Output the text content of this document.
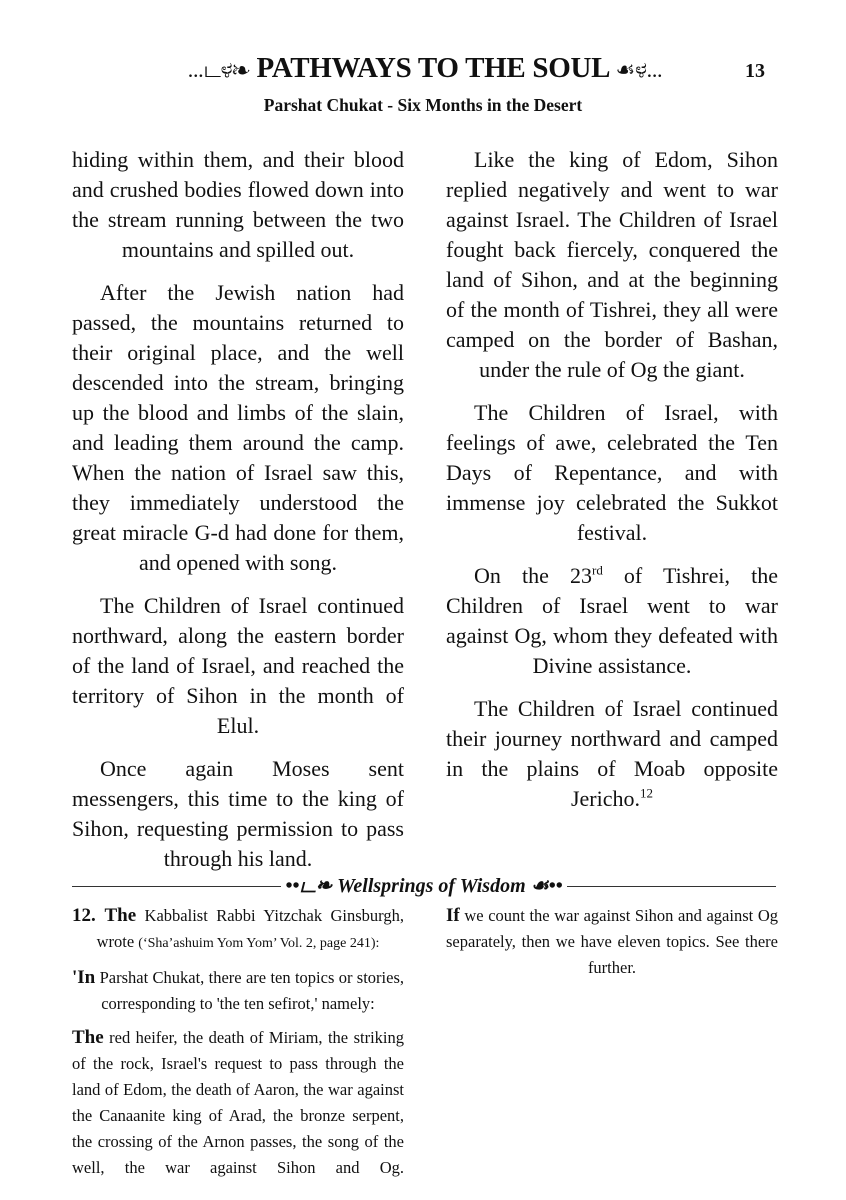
...டಳ❧ PATHWAYS TO THE SOUL ☙ಳ...	13
Parshat Chukat - Six Months in the Desert

hiding within them, and their blood and crushed bodies flowed down into the stream running between the two mountains and spilled out.

After the Jewish nation had passed, the mountains returned to their original place, and the well descended into the stream, bringing up the blood and limbs of the slain, and leading them around the camp. When the nation of Israel saw this, they immediately understood the great miracle G-d had done for them, and opened with song.

The Children of Israel continued northward, along the eastern border of the land of Israel, and reached the territory of Sihon in the month of Elul.

Once again Moses sent messengers, this time to the king of Sihon, requesting permission to pass through his land.

Like the king of Edom, Sihon replied negatively and went to war against Israel. The Children of Israel fought back fiercely, conquered the land of Sihon, and at the beginning of the month of Tishrei, they all were camped on the border of Bashan, under the rule of Og the giant.

The Children of Israel, with feelings of awe, celebrated the Ten Days of Repentance, and with immense joy celebrated the Sukkot festival.

On the 23rd of Tishrei, the Children of Israel went to war against Og, whom they defeated with Divine assistance.

The Children of Israel continued their journey northward and camped in the plains of Moab opposite Jericho.$^{12}$

••ட❧ Wellsprings of Wisdom ☙••

12. The Kabbalist Rabbi Yitzchak Ginsburgh, wrote (‘Sha’ashuim Yom Yom’ Vol. 2, page 241):

'In Parshat Chukat, there are ten topics or stories, corresponding to 'the ten sefirot,' namely:

The red heifer, the death of Miriam, the striking of the rock, Israel's request to pass through the land of Edom, the death of Aaron, the war against the Canaanite king of Arad, the bronze serpent, the crossing of the Arnon passes, the song of the well, the war against Sihon and Og.

If we count the war against Sihon and against Og separately, then we have eleven topics. See there further.
